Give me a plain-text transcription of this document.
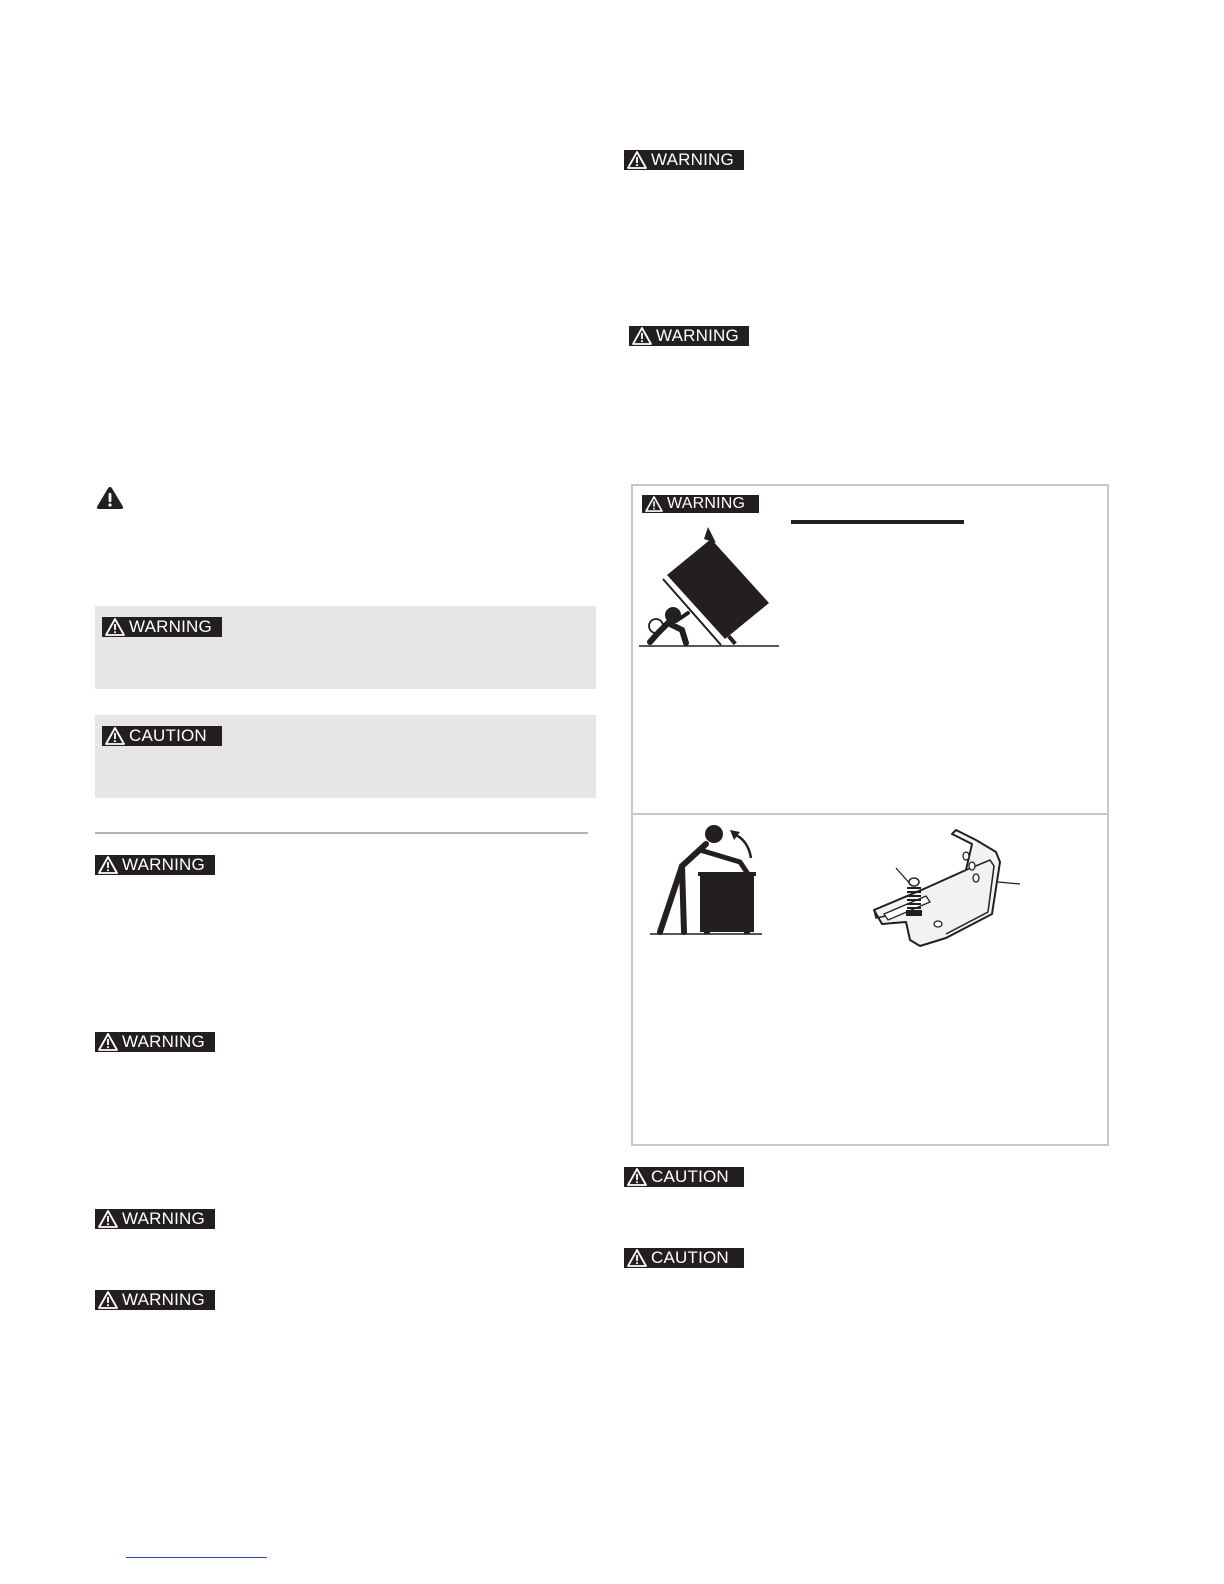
WARNING
CAUTION
WARNING
WARNING
WARNING
WARNING
WARNING
WARNING
WARNING
CAUTION
CAUTION
